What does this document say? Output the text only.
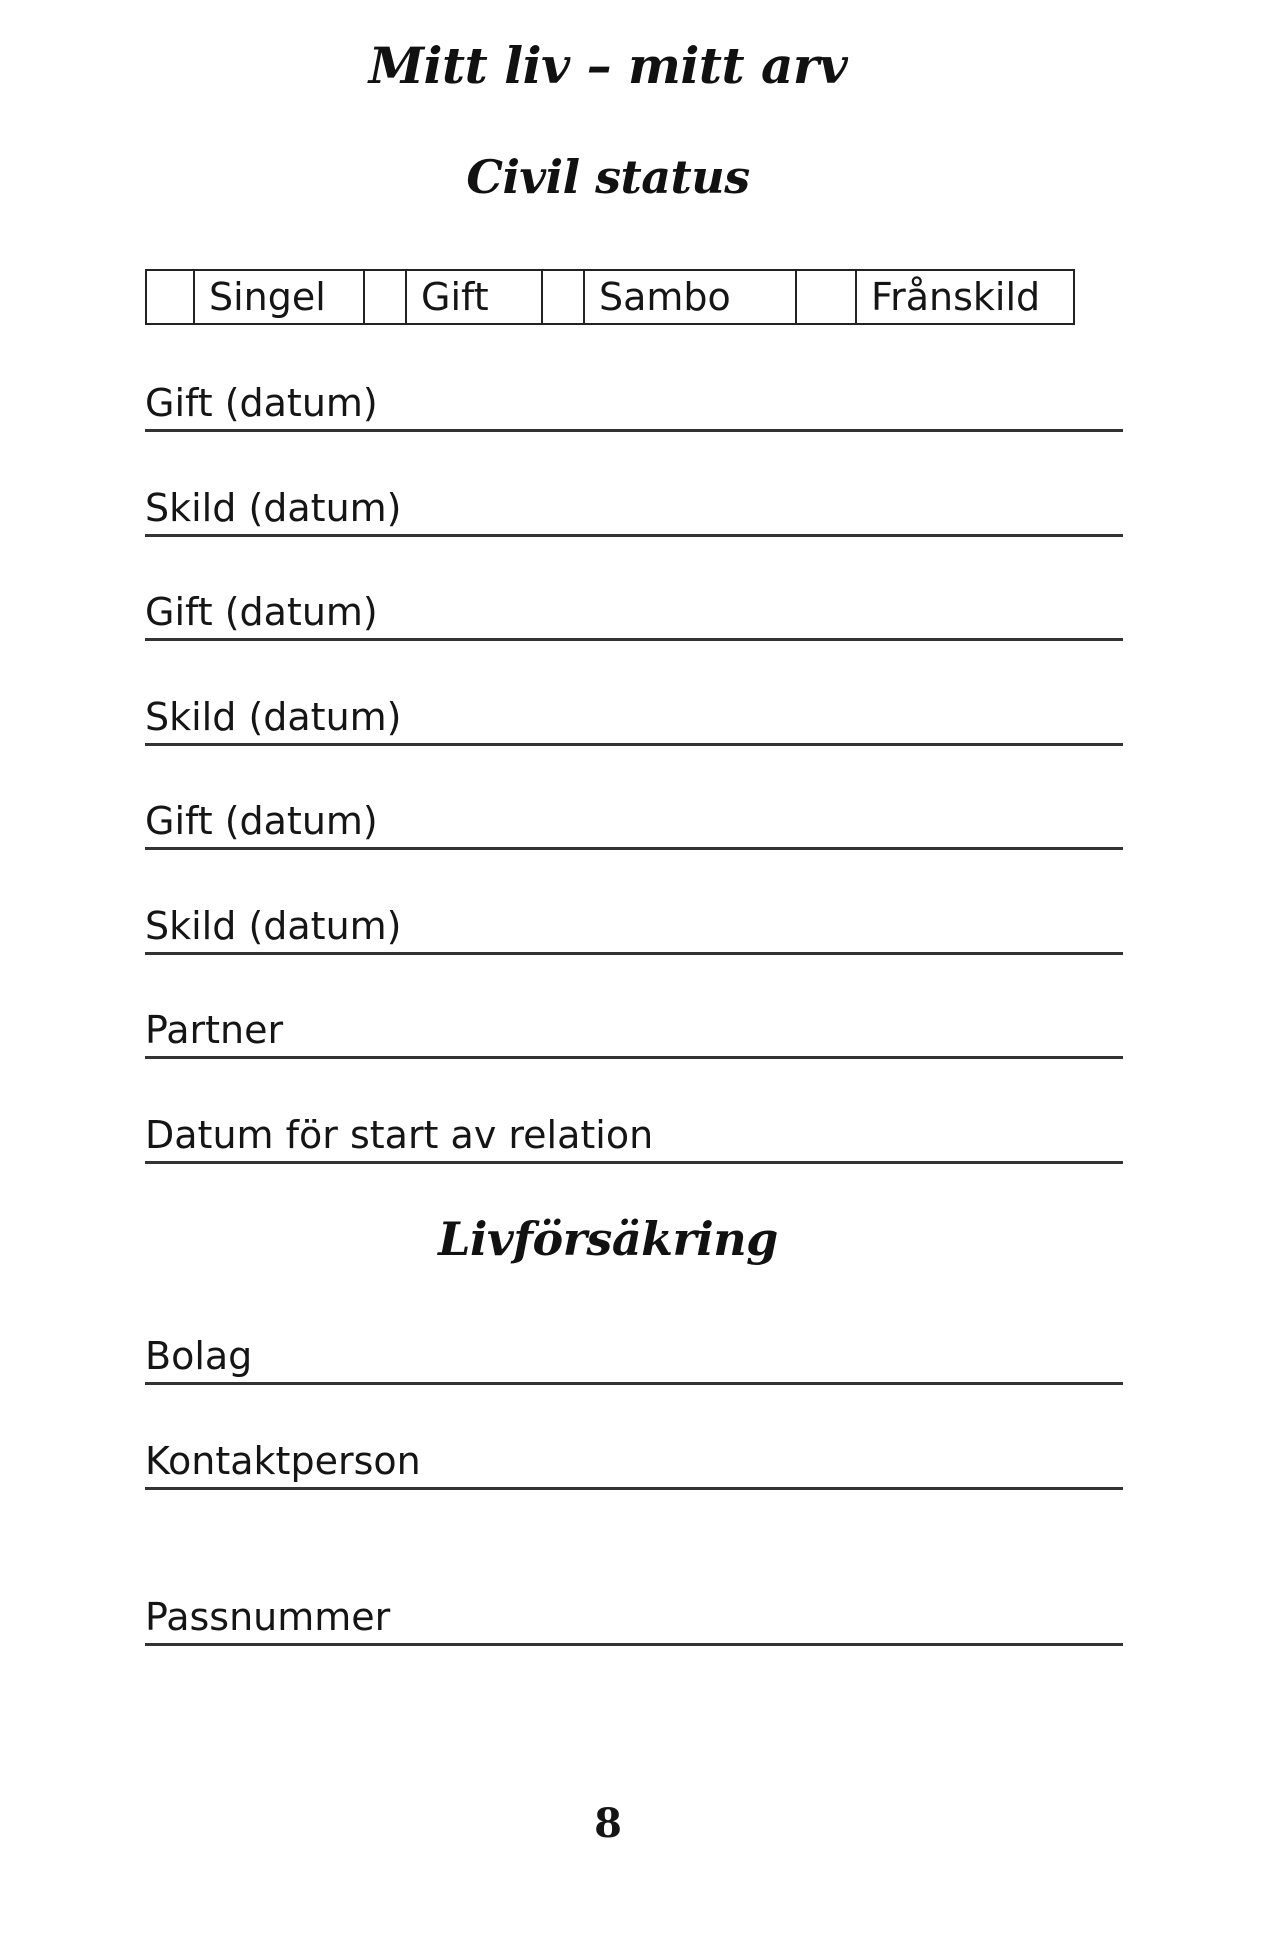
Mitt liv – mitt arv
Civil status
Singel	Gift	Sambo	Frånskild
Gift (datum)
Skild (datum)
Gift (datum)
Skild (datum)
Gift (datum)
Skild (datum)
Partner
Datum för start av relation
Livförsäkring
Bolag
Kontaktperson
Passnummer
8
